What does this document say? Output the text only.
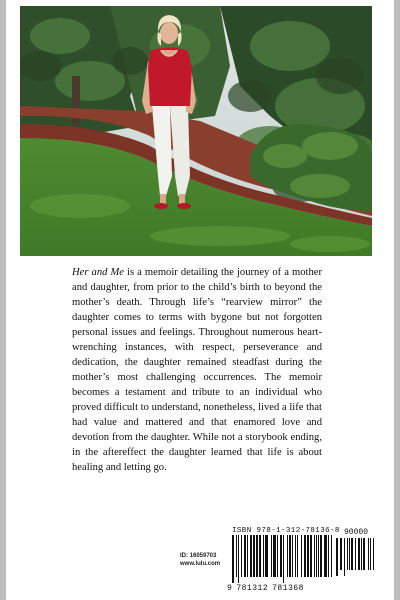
Her and Me is a memoir detailing the journey of a mother and daughter, from prior to the child’s birth to beyond the mother’s death. Through life’s “rearview mirror” the daughter comes to terms with bygone but not forgotten personal issues and feelings. Throughout numerous heart-wrenching instances, with respect, perseverance and dedication, the daughter remained steadfast during the mother’s most challenging occurrences. The memoir becomes a testament and tribute to an individual who proved difficult to understand, nonetheless, lived a life that had value and mattered and that enamored love and devotion from the daughter. While not a storybook ending, in the aftereffect the daughter learned that life is about healing and letting go.

ID: 16059703
www.lulu.com
ISBN 978-1-312-78136-8 90000
9 781312 781368
